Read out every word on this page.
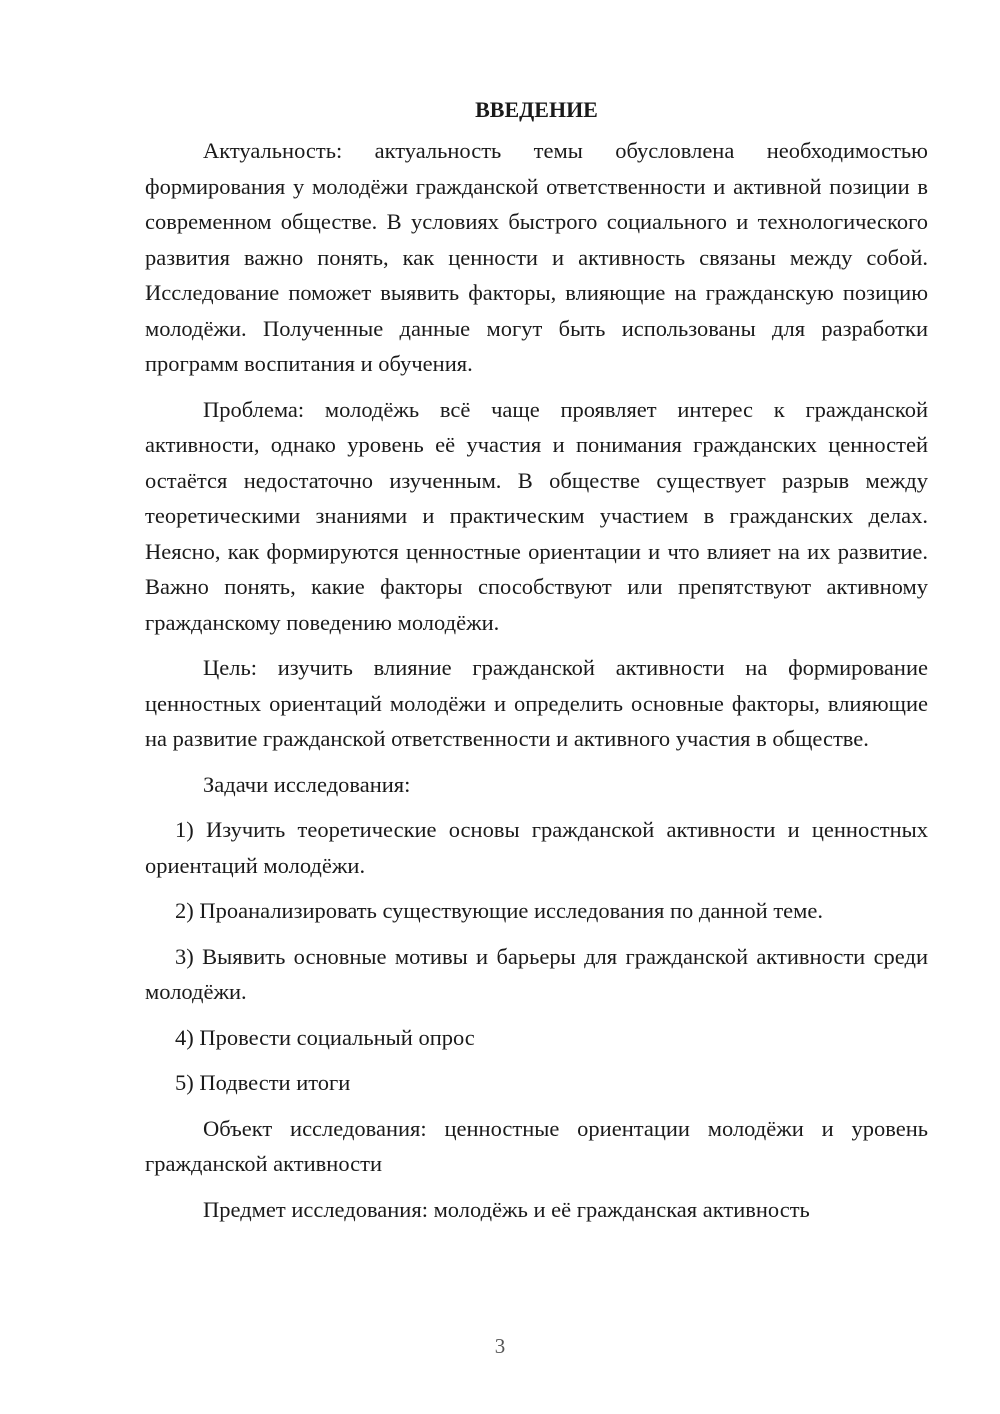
ВВЕДЕНИЕ

Актуальность: актуальность темы обусловлена необходимостью формирования у молодёжи гражданской ответственности и активной позиции в современном обществе. В условиях быстрого социального и технологического развития важно понять, как ценности и активность связаны между собой. Исследование поможет выявить факторы, влияющие на гражданскую позицию молодёжи. Полученные данные могут быть использованы для разработки программ воспитания и обучения.

Проблема: молодёжь всё чаще проявляет интерес к гражданской активности, однако уровень её участия и понимания гражданских ценностей остаётся недостаточно изученным. В обществе существует разрыв между теоретическими знаниями и практическим участием в гражданских делах. Неясно, как формируются ценностные ориентации и что влияет на их развитие. Важно понять, какие факторы способствуют или препятствуют активному гражданскому поведению молодёжи.

Цель: изучить влияние гражданской активности на формирование ценностных ориентаций молодёжи и определить основные факторы, влияющие на развитие гражданской ответственности и активного участия в обществе.

Задачи исследования:

1) Изучить теоретические основы гражданской активности и ценностных ориентаций молодёжи.

2) Проанализировать существующие исследования по данной теме.

3) Выявить основные мотивы и барьеры для гражданской активности среди молодёжи.

4) Провести социальный опрос

5) Подвести итоги

Объект исследования: ценностные ориентации молодёжи и уровень гражданской активности

Предмет исследования: молодёжь и её гражданская активность

3
